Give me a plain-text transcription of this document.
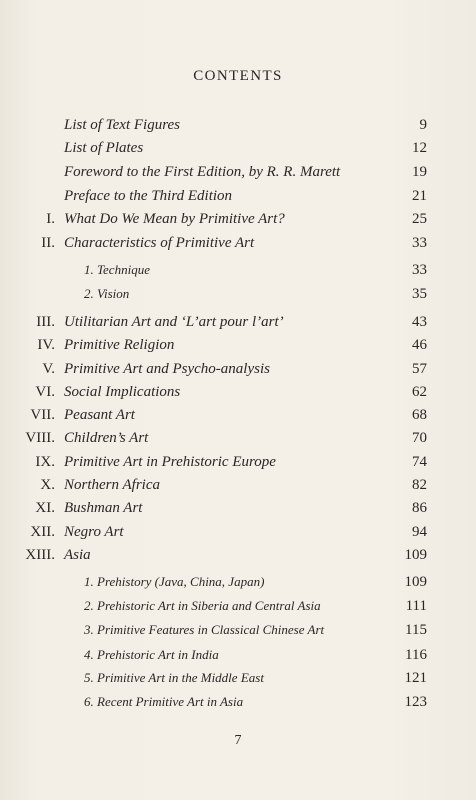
CONTENTS
List of Text Figures	9
List of Plates	12
Foreword to the First Edition, by R. R. Marett	19
Preface to the Third Edition	21
I. What Do We Mean by Primitive Art?	25
II. Characteristics of Primitive Art	33
1. Technique	33
2. Vision	35
III. Utilitarian Art and ‘L’art pour l’art’	43
IV. Primitive Religion	46
V. Primitive Art and Psycho-analysis	57
VI. Social Implications	62
VII. Peasant Art	68
VIII. Children’s Art	70
IX. Primitive Art in Prehistoric Europe	74
X. Northern Africa	82
XI. Bushman Art	86
XII. Negro Art	94
XIII. Asia	109
1. Prehistory (Java, China, Japan)	109
2. Prehistoric Art in Siberia and Central Asia	111
3. Primitive Features in Classical Chinese Art	115
4. Prehistoric Art in India	116
5. Primitive Art in the Middle East	121
6. Recent Primitive Art in Asia	123
7
